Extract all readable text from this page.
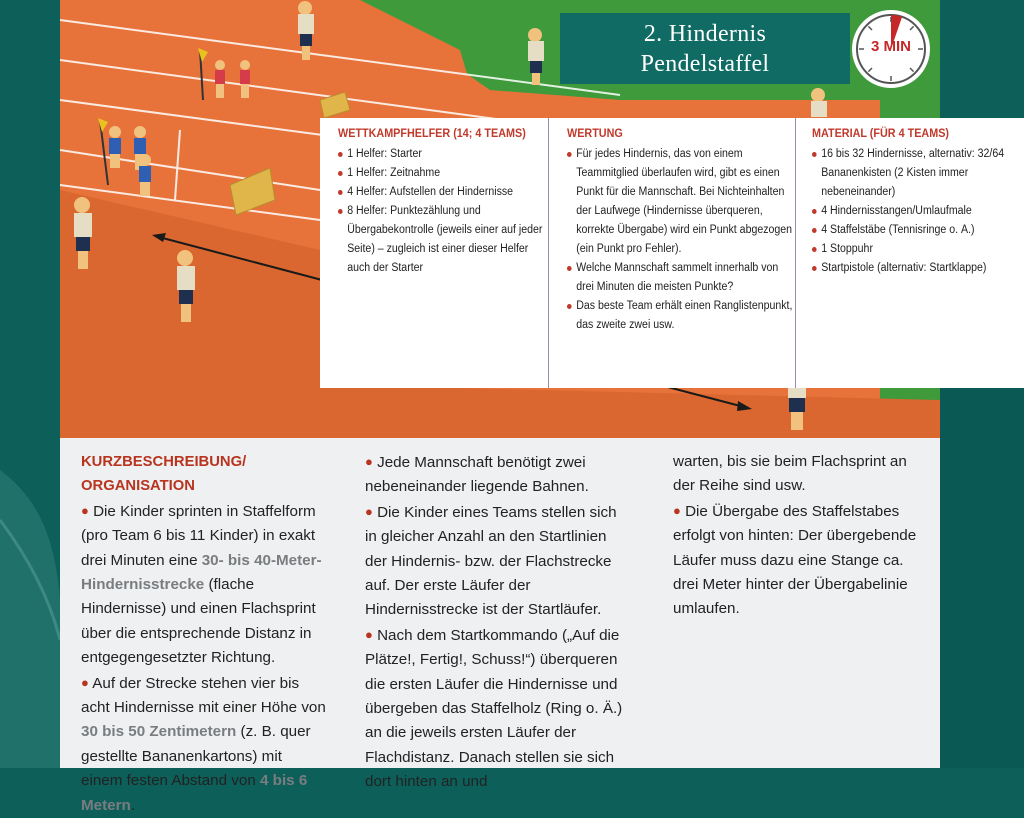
2. Hindernis
Pendelstaffel
3 MIN
WETTKAMPFHELFER (14; 4 TEAMS)
1 Helfer: Starter
1 Helfer: Zeitnahme
4 Helfer: Aufstellen der Hindernisse
8 Helfer: Punktezählung und Übergabekontrolle (jeweils einer auf jeder Seite) – zugleich ist einer dieser Helfer auch der Starter
WERTUNG
Für jedes Hindernis, das von einem Teammitglied überlaufen wird, gibt es einen Punkt für die Mannschaft. Bei Nichteinhalten der Laufwege (Hindernisse überqueren, korrekte Übergabe) wird ein Punkt abgezogen (ein Punkt pro Fehler).
Welche Mannschaft sammelt innerhalb von drei Minuten die meisten Punkte?
Das beste Team erhält einen Ranglistenpunkt, das zweite zwei usw.
MATERIAL (FÜR 4 TEAMS)
16 bis 32 Hindernisse, alternativ: 32/64 Bananenkisten (2 Kisten immer nebeneinander)
4 Hindernisstangen/Umlaufmale
4 Staffelstäbe (Tennisringe o. Ä.)
1 Stoppuhr
Startpistole (alternativ: Startklappe)
KURZBESCHREIBUNG/
ORGANISATION

● Die Kinder sprinten in Staffelform (pro Team 6 bis 11 Kinder) in exakt drei Minuten eine 30- bis 40-Meter-Hindernisstrecke (flache Hindernisse) und einen Flachsprint über die entsprechende Distanz in entgegengesetzter Richtung.

● Auf der Strecke stehen vier bis acht Hindernisse mit einer Höhe von 30 bis 50 Zentimetern (z. B. quer gestellte Bananenkartons) mit einem festen Abstand von 4 bis 6 Metern.

● Jede Mannschaft benötigt zwei nebeneinander liegende Bahnen.

● Die Kinder eines Teams stellen sich in gleicher Anzahl an den Startlinien der Hindernis- bzw. der Flachstrecke auf. Der erste Läufer der Hindernisstrecke ist der Startläufer.

● Nach dem Startkommando („Auf die Plätze!, Fertig!, Schuss!“) überqueren die ersten Läufer die Hindernisse und übergeben das Staffelholz (Ring o. Ä.) an die jeweils ersten Läufer der Flachdistanz. Danach stellen sie sich dort hinten an und

warten, bis sie beim Flachsprint an der Reihe sind usw.

● Die Übergabe des Staffelstabes erfolgt von hinten: Der übergebende Läufer muss dazu eine Stange ca. drei Meter hinter der Übergabelinie umlaufen.
